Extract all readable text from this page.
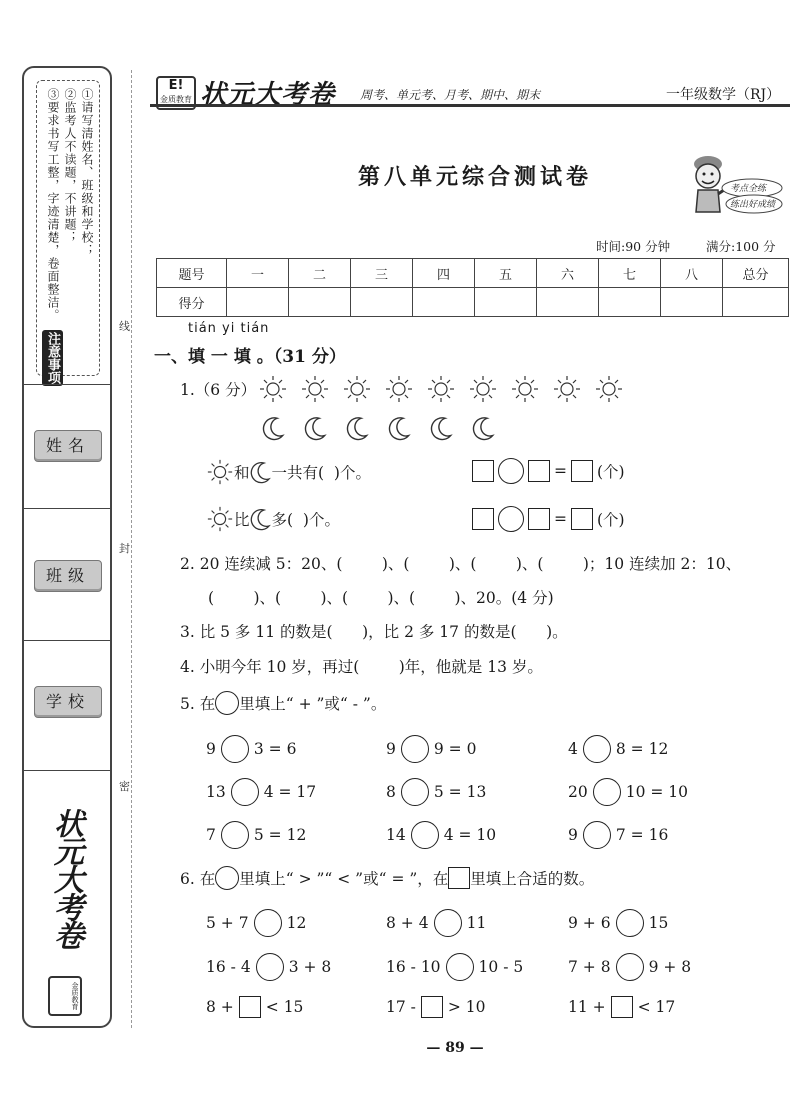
①请写清姓名、班级和学校；
②监考人不读题，不讲题；
③要求书写工整，字迹清楚，卷面整洁。
注意事项
姓名
班级
学校
线
封
密
状元大考卷
金质教育
E!
金质教育 状元大考卷 周考、单元考、月考、期中、期末	一年级数学（RJ）
第八单元综合测试卷	考点全练
练出好成绩
时间:90 分钟	满分:100 分
题号	一	二	三	四	五	六	七	八	总分
得分									
tián yi tián
一、填 一 填 。（31 分）
1.（6 分）
和 一共有( )个。	= (个)
比 多( )个。	= (个)
2. 20 连续减 5：20、(        )、(        )、(        )、(        )；10 连续加 2：10、
(        )、(        )、(        )、(        )、20。(4 分)
3. 比 5 多 11 的数是(      )，比 2 多 17 的数是(      )。
4. 小明今年 10 岁，再过(        )年，他就是 13 岁。
5. 在 里填上“ + ”或“ - ”。
9 3 = 6	9 9 = 0	4 8 = 12
13 4 = 17	8 5 = 13	20 10 = 10
7 5 = 12	14 4 = 10	9 7 = 16
6. 在 里填上“ > ”“ < ”或“ = ”，在 里填上合适的数。
5 + 7 12	8 + 4 11	9 + 6 15
16 - 4 3 + 8	16 - 10 10 - 5	7 + 8 9 + 8
8 + < 15	17 - > 10	11 + < 17
— 89 —
